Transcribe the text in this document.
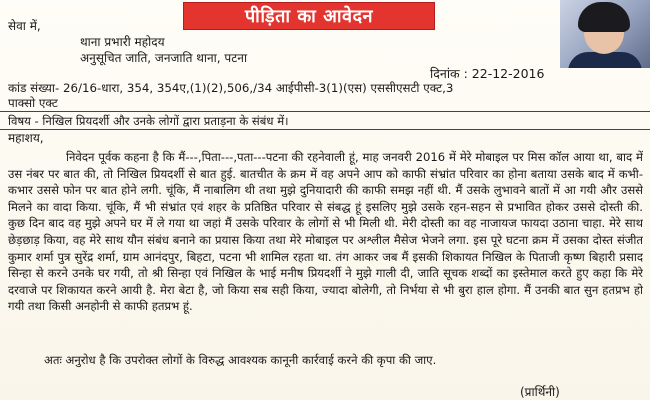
पीड़िता का आवेदन
सेवा में,
थाना प्रभारी महोदय
अनुसूचित जाति, जनजाति थाना, पटना
दिनांक : 22-12-2016
कांड संख्या- 26/16-धारा, 354, 354ए,(1)(2),506,/34 आईपीसी-3(1)(एस) एससीएसटी एक्ट,3
पाक्सो एक्ट
विषय - निखिल प्रियदर्शी और उनके लोगों द्वारा प्रताड़ना के संबंध में।
महाशय,
निवेदन पूर्वक कहना है कि मैं---,पिता---,पता---पटना की रहनेवाली हूं, माह जनवरी 2016 में मेरे मोबाइल पर मिस कॉल आया था, बाद में उस नंबर पर बात की, तो निखिल प्रियदर्शी से बात हुई. बातचीत के क्रम में वह अपने आप को काफी संभ्रांत परिवार का होना बताया उसके बाद में कभी-कभार उससे फोन पर बात होने लगी. चूंकि, मैं नाबालिग थी तथा मुझे दुनियादारी की काफी समझ नहीं थी. मैं उसके लुभावने बातों में आ गयी और उससे मिलने का वादा किया. चूंकि, मैं भी संभ्रांत एवं शहर के प्रतिष्ठित परिवार से संबद्ध हूं इसलिए मुझे उसके रहन-सहन से प्रभावित होकर उससे दोस्ती की. कुछ दिन बाद वह मुझे अपने घर में ले गया था जहां मैं उसके परिवार के लोगों से भी मिली थी. मेरी दोस्ती का वह नाजायज फायदा उठाना चाहा. मेरे साथ छेड़छाड़ किया, वह मेरे साथ यौन संबंध बनाने का प्रयास किया तथा मेरे मोबाइल पर अश्लील मैसेज भेजने लगा. इस पूरे घटना क्रम में उसका दोस्त संजीत कुमार शर्मा पुत्र सुरेंद्र शर्मा, ग्राम आनंदपुर, बिहटा, पटना भी शामिल रहता था. तंग आकर जब मैं इसकी शिकायत निखिल के पिताजी कृष्ण बिहारी प्रसाद सिन्हा से करने उनके घर गयी, तो श्री सिन्हा एवं निखिल के भाई मनीष प्रियदर्शी ने मुझे गाली दी, जाति सूचक शब्दों का इस्तेमाल करते हुए कहा कि मेरे दरवाजे पर शिकायत करने आयी है. मेरा बेटा है, जो किया सब सही किया, ज्यादा बोलेगी, तो निर्भया से भी बुरा हाल होगा. मैं उनकी बात सुन हतप्रभ हो गयी तथा किसी अनहोनी से काफी हतप्रभ हूं.
अतः अनुरोध है कि उपरोक्त लोगों के विरुद्ध आवश्यक कानूनी कार्रवाई करने की कृपा की जाए.
(प्रार्थिनी)
